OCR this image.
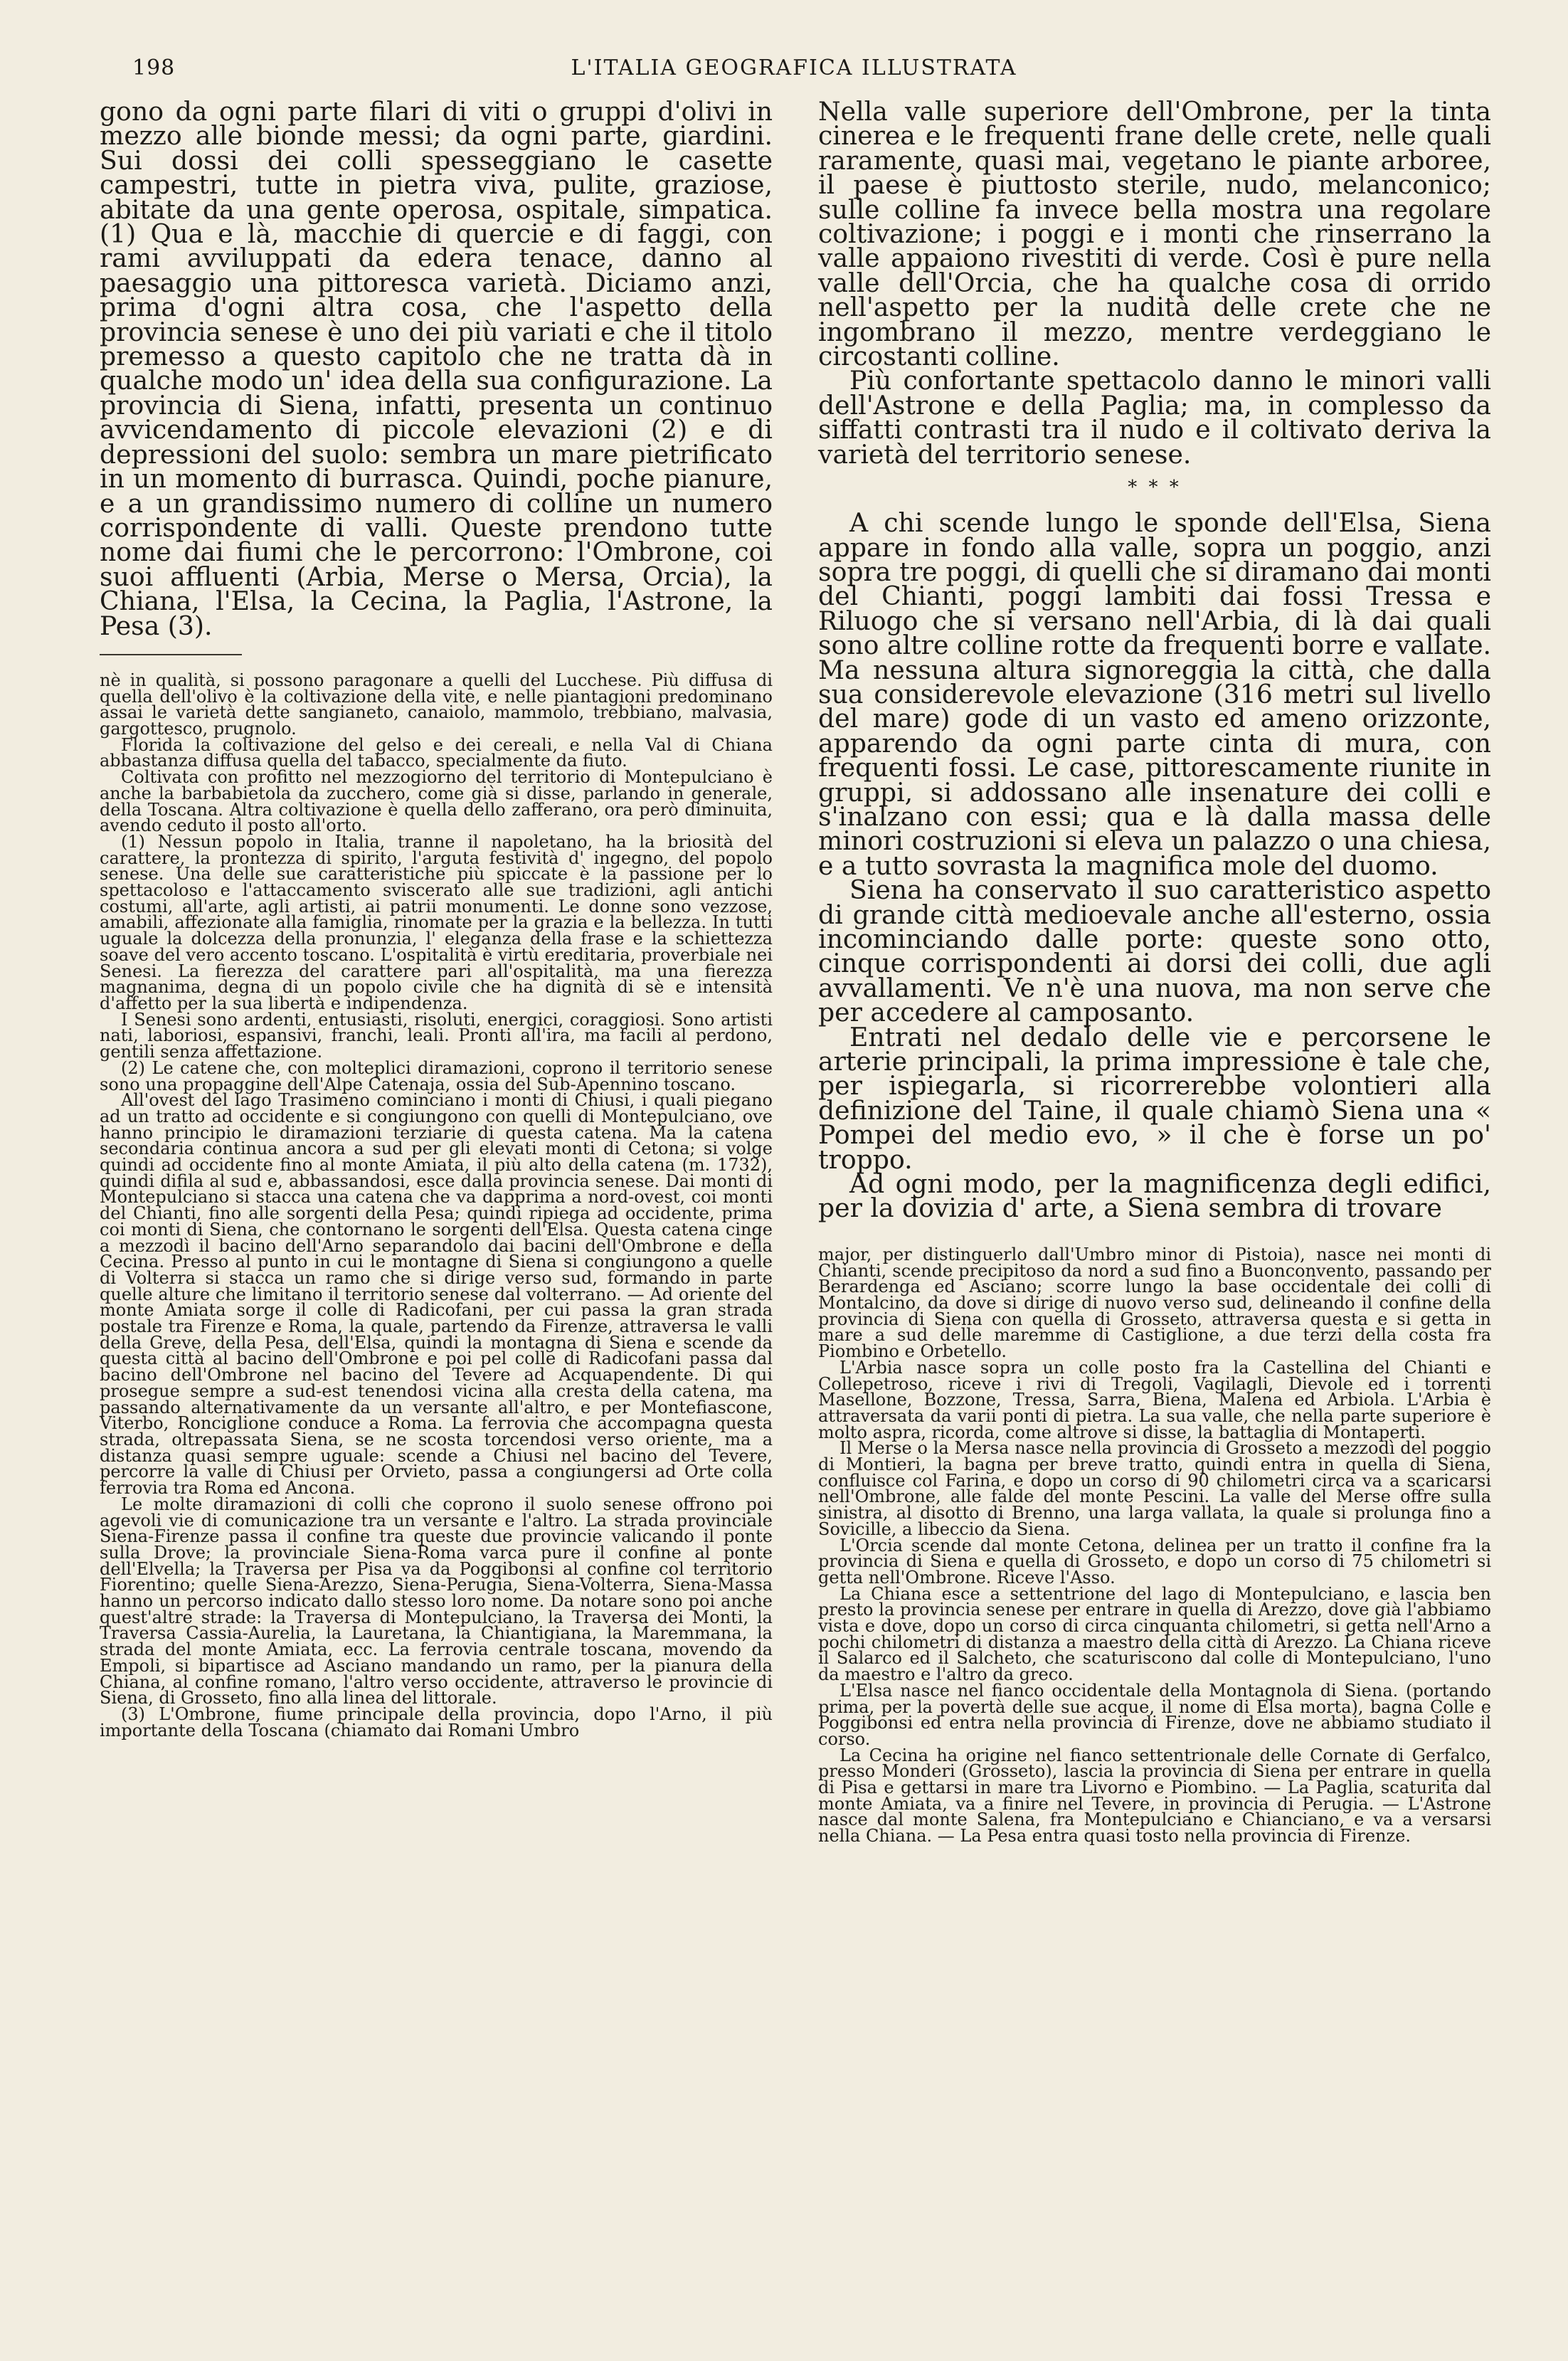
198	L'ITALIA GEOGRAFICA ILLUSTRATA

gono da ogni parte filari di viti o gruppi d'olivi in mezzo alle bionde messi; da ogni parte, giardini. Sui dossi dei colli spesseggiano le casette campestri, tutte in pietra viva, pulite, graziose, abitate da una gente operosa, ospitale, simpatica. (1) Qua e là, macchie di quercie e di faggi, con rami avviluppati da edera tenace, danno al paesaggio una pittoresca varietà. Diciamo anzi, prima d'ogni altra cosa, che l'aspetto della provincia senese è uno dei più variati e che il titolo premesso a questo capitolo che ne tratta dà in qualche modo un' idea della sua configurazione. La provincia di Siena, infatti, presenta un continuo avvicendamento di piccole elevazioni (2) e di depressioni del suolo: sembra un mare pietrificato in un momento di burrasca. Quindi, poche pianure, e a un grandissimo numero di colline un numero corrispondente di valli. Queste prendono tutte nome dai fiumi che le percorrono: l'Ombrone, coi suoi affluenti (Arbia, Merse o Mersa, Orcia), la Chiana, l'Elsa, la Cecina, la Paglia, l'Astrone, la Pesa (3).

nè in qualità, si possono paragonare a quelli del Lucchese. Più diffusa di quella dell'olivo è la coltivazione della vite, e nelle piantagioni predominano assai le varietà dette sangianeto, canaiolo, mammolo, trebbiano, malvasia, gargottesco, prugnolo.

Florida la coltivazione del gelso e dei cereali, e nella Val di Chiana abbastanza diffusa quella del tabacco, specialmente da fiuto.

Coltivata con profitto nel mezzogiorno del territorio di Montepulciano è anche la barbabietola da zucchero, come già si disse, parlando in generale, della Toscana. Altra coltivazione è quella dello zafferano, ora però diminuita, avendo ceduto il posto all'orto.

(1) Nessun popolo in Italia, tranne il napoletano, ha la briosità del carattere, la prontezza di spirito, l'arguta festività d' ingegno, del popolo senese. Una delle sue caratteristiche più spiccate è la passione per lo spettacoloso e l'attaccamento sviscerato alle sue tradizioni, agli antichi costumi, all'arte, agli artisti, ai patrii monumenti. Le donne sono vezzose, amabili, affezionate alla famiglia, rinomate per la grazia e la bellezza. In tutti uguale la dolcezza della pronunzia, l' eleganza della frase e la schiettezza soave del vero accento toscano. L'ospitalità è virtù ereditaria, proverbiale nei Senesi. La fierezza del carattere pari all'ospitalità, ma una fierezza magnanima, degna di un popolo civile che ha dignità di sè e intensità d'affetto per la sua libertà e indipendenza.

I Senesi sono ardenti, entusiasti, risoluti, energici, coraggiosi. Sono artisti nati, laboriosi, espansivi, franchi, leali. Pronti all'ira, ma facili al perdono, gentili senza affettazione.

(2) Le catene che, con molteplici diramazioni, coprono il territorio senese sono una propaggine dell'Alpe Catenaja, ossia del Sub-Apennino toscano.

All'ovest del lago Trasimeno cominciano i monti di Chiusi, i quali piegano ad un tratto ad occidente e si congiungono con quelli di Montepulciano, ove hanno principio le diramazioni terziarie di questa catena. Ma la catena secondaria continua ancora a sud per gli elevati monti di Cetona; si volge quindi ad occidente fino al monte Amiata, il più alto della catena (m. 1732), quindi difila al sud e, abbassandosi, esce dalla provincia senese. Dai monti di Montepulciano si stacca una catena che va dapprima a nord-ovest, coi monti del Chianti, fino alle sorgenti della Pesa; quindi ripiega ad occidente, prima coi monti di Siena, che contornano le sorgenti dell'Elsa. Questa catena cinge a mezzodì il bacino dell'Arno separandolo dai bacini dell'Ombrone e della Cecina. Presso al punto in cui le montagne di Siena si congiungono a quelle di Volterra si stacca un ramo che si dirige verso sud, formando in parte quelle alture che limitano il territorio senese dal volterrano. — Ad oriente del monte Amiata sorge il colle di Radicofani, per cui passa la gran strada postale tra Firenze e Roma, la quale, partendo da Firenze, attraversa le valli della Greve, della Pesa, dell'Elsa, quindi la montagna di Siena e scende da questa città al bacino dell'Ombrone e poi pel colle di Radicofani passa dal bacino dell'Ombrone nel bacino del Tevere ad Acquapendente. Di qui prosegue sempre a sud-est tenendosi vicina alla cresta della catena, ma passando alternativamente da un versante all'altro, e per Montefiascone, Viterbo, Ronciglione conduce a Roma. La ferrovia che accompagna questa strada, oltrepassata Siena, se ne scosta torcendosi verso oriente, ma a distanza quasi sempre uguale: scende a Chiusi nel bacino del Tevere, percorre la valle di Chiusi per Orvieto, passa a congiungersi ad Orte colla ferrovia tra Roma ed Ancona.

Le molte diramazioni di colli che coprono il suolo senese offrono poi agevoli vie di comunicazione tra un versante e l'altro. La strada provinciale Siena-Firenze passa il confine tra queste due provincie valicando il ponte sulla Drove; la provinciale Siena-Roma varca pure il confine al ponte dell'Elvella; la Traversa per Pisa va da Poggibonsi al confine col territorio Fiorentino; quelle Siena-Arezzo, Siena-Perugia, Siena-Volterra, Siena-Massa hanno un percorso indicato dallo stesso loro nome. Da notare sono poi anche quest'altre strade: la Traversa di Montepulciano, la Traversa dei Monti, la Traversa Cassia-Aurelia, la Lauretana, la Chiantigiana, la Maremmana, la strada del monte Amiata, ecc. La ferrovia centrale toscana, movendo da Empoli, si bipartisce ad Asciano mandando un ramo, per la pianura della Chiana, al confine romano, l'altro verso occidente, attraverso le provincie di Siena, di Grosseto, fino alla linea del littorale.

(3) L'Ombrone, fiume principale della provincia, dopo l'Arno, il più importante della Toscana (chiamato dai Romani Umbro

Nella valle superiore dell'Ombrone, per la tinta cinerea e le frequenti frane delle crete, nelle quali raramente, quasi mai, vegetano le piante arboree, il paese è piuttosto sterile, nudo, melanconico; sulle colline fa invece bella mostra una regolare coltivazione; i poggi e i monti che rinserrano la valle appaiono rivestiti di verde. Così è pure nella valle dell'Orcia, che ha qualche cosa di orrido nell'aspetto per la nudità delle crete che ne ingombrano il mezzo, mentre verdeggiano le circostanti colline.

Più confortante spettacolo danno le minori valli dell'Astrone e della Paglia; ma, in complesso da siffatti contrasti tra il nudo e il coltivato deriva la varietà del territorio senese.

* * *

A chi scende lungo le sponde dell'Elsa, Siena appare in fondo alla valle, sopra un poggio, anzi sopra tre poggi, di quelli che si diramano dai monti del Chianti, poggi lambiti dai fossi Tressa e Riluogo che si versano nell'Arbia, di là dai quali sono altre colline rotte da frequenti borre e vallate. Ma nessuna altura signoreggia la città, che dalla sua considerevole elevazione (316 metri sul livello del mare) gode di un vasto ed ameno orizzonte, apparendo da ogni parte cinta di mura, con frequenti fossi. Le case, pittorescamente riunite in gruppi, si addossano alle insenature dei colli e s'inalzano con essi; qua e là dalla massa delle minori costruzioni si eleva un palazzo o una chiesa, e a tutto sovrasta la magnifica mole del duomo.

Siena ha conservato il suo caratteristico aspetto di grande città medioevale anche all'esterno, ossia incominciando dalle porte: queste sono otto, cinque corrispondenti ai dorsi dei colli, due agli avvallamenti. Ve n'è una nuova, ma non serve che per accedere al camposanto.

Entrati nel dedalo delle vie e percorsene le arterie principali, la prima impressione è tale che, per ispiegarla, si ricorrerebbe volontieri alla definizione del Taine, il quale chiamò Siena una « Pompei del medio evo, » il che è forse un po' troppo.

Ad ogni modo, per la magnificenza degli edifici, per la dovizia d' arte, a Siena sembra di trovare

major, per distinguerlo dall'Umbro minor di Pistoia), nasce nei monti di Chianti, scende precipitoso da nord a sud fino a Buonconvento, passando per Berardenga ed Asciano; scorre lungo la base occidentale dei colli di Montalcino, da dove si dirige di nuovo verso sud, delineando il confine della provincia di Siena con quella di Grosseto, attraversa questa e si getta in mare a sud delle maremme di Castiglione, a due terzi della costa fra Piombino e Orbetello.

L'Arbia nasce sopra un colle posto fra la Castellina del Chianti e Collepetroso, riceve i rivi di Tregoli, Vagilagli, Dievole ed i torrenti Masellone, Bozzone, Tressa, Sarra, Biena, Malena ed Arbiola. L'Arbia è attraversata da varii ponti di pietra. La sua valle, che nella parte superiore è molto aspra, ricorda, come altrove si disse, la battaglia di Montaperti.

Il Merse o la Mersa nasce nella provincia di Grosseto a mezzodì del poggio di Montieri, la bagna per breve tratto, quindi entra in quella di Siena, confluisce col Farina, e dopo un corso di 90 chilometri circa va a scaricarsi nell'Ombrone, alle falde del monte Pescini. La valle del Merse offre sulla sinistra, al disotto di Brenno, una larga vallata, la quale si prolunga fino a Sovicille, a libeccio da Siena.

L'Orcia scende dal monte Cetona, delinea per un tratto il confine fra la provincia di Siena e quella di Grosseto, e dopo un corso di 75 chilometri si getta nell'Ombrone. Riceve l'Asso.

La Chiana esce a settentrione del lago di Montepulciano, e lascia ben presto la provincia senese per entrare in quella di Arezzo, dove già l'abbiamo vista e dove, dopo un corso di circa cinquanta chilometri, si getta nell'Arno a pochi chilometri di distanza a maestro della città di Arezzo. La Chiana riceve il Salarco ed il Salcheto, che scaturiscono dal colle di Montepulciano, l'uno da maestro e l'altro da greco.

L'Elsa nasce nel fianco occidentale della Montagnola di Siena. (portando prima, per la povertà delle sue acque, il nome di Elsa morta), bagna Colle e Poggibonsi ed entra nella provincia di Firenze, dove ne abbiamo studiato il corso.

La Cecina ha origine nel fianco settentrionale delle Cornate di Gerfalco, presso Monderi (Grosseto), lascia la provincia di Siena per entrare in quella di Pisa e gettarsi in mare tra Livorno e Piombino. — La Paglia, scaturita dal monte Amiata, va a finire nel Tevere, in provincia di Perugia. — L'Astrone nasce dal monte Salena, fra Montepulciano e Chianciano, e va a versarsi nella Chiana. — La Pesa entra quasi tosto nella provincia di Firenze.
